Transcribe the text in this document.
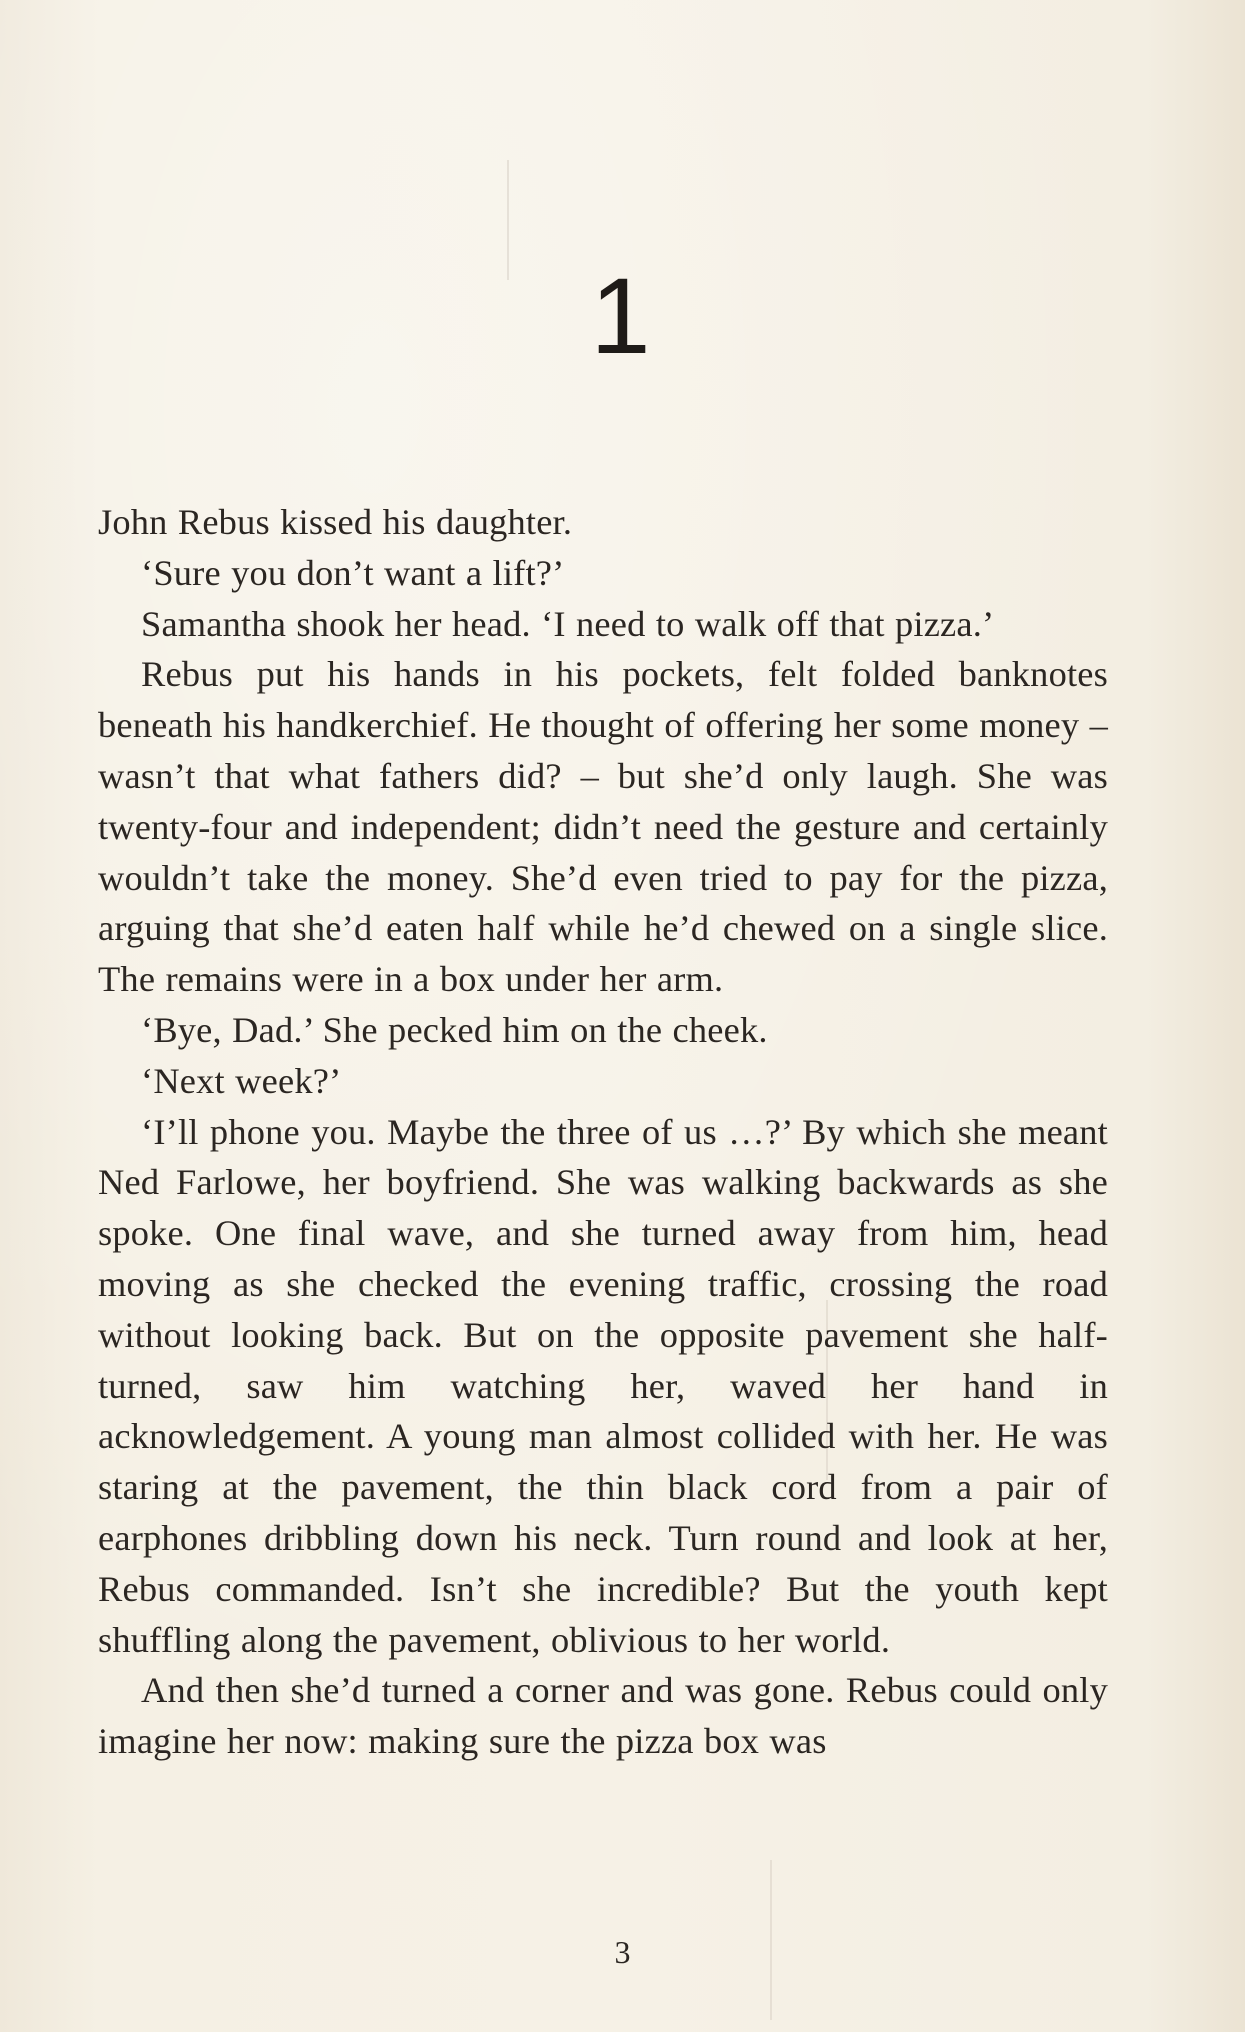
1

John Rebus kissed his daughter.

‘Sure you don’t want a lift?’

Samantha shook her head. ‘I need to walk off that pizza.’

Rebus put his hands in his pockets, felt folded banknotes beneath his handkerchief. He thought of offering her some money – wasn’t that what fathers did? – but she’d only laugh. She was twenty-four and independent; didn’t need the gesture and certainly wouldn’t take the money. She’d even tried to pay for the pizza, arguing that she’d eaten half while he’d chewed on a single slice. The remains were in a box under her arm.

‘Bye, Dad.’ She pecked him on the cheek.

‘Next week?’

‘I’ll phone you. Maybe the three of us …?’ By which she meant Ned Farlowe, her boyfriend. She was walking backwards as she spoke. One final wave, and she turned away from him, head moving as she checked the evening traffic, crossing the road without looking back. But on the opposite pavement she half-turned, saw him watching her, waved her hand in acknowledgement. A young man almost collided with her. He was staring at the pavement, the thin black cord from a pair of earphones dribbling down his neck. Turn round and look at her, Rebus commanded. Isn’t she incredible? But the youth kept shuffling along the pavement, oblivious to her world.

And then she’d turned a corner and was gone. Rebus could only imagine her now: making sure the pizza box was

3
